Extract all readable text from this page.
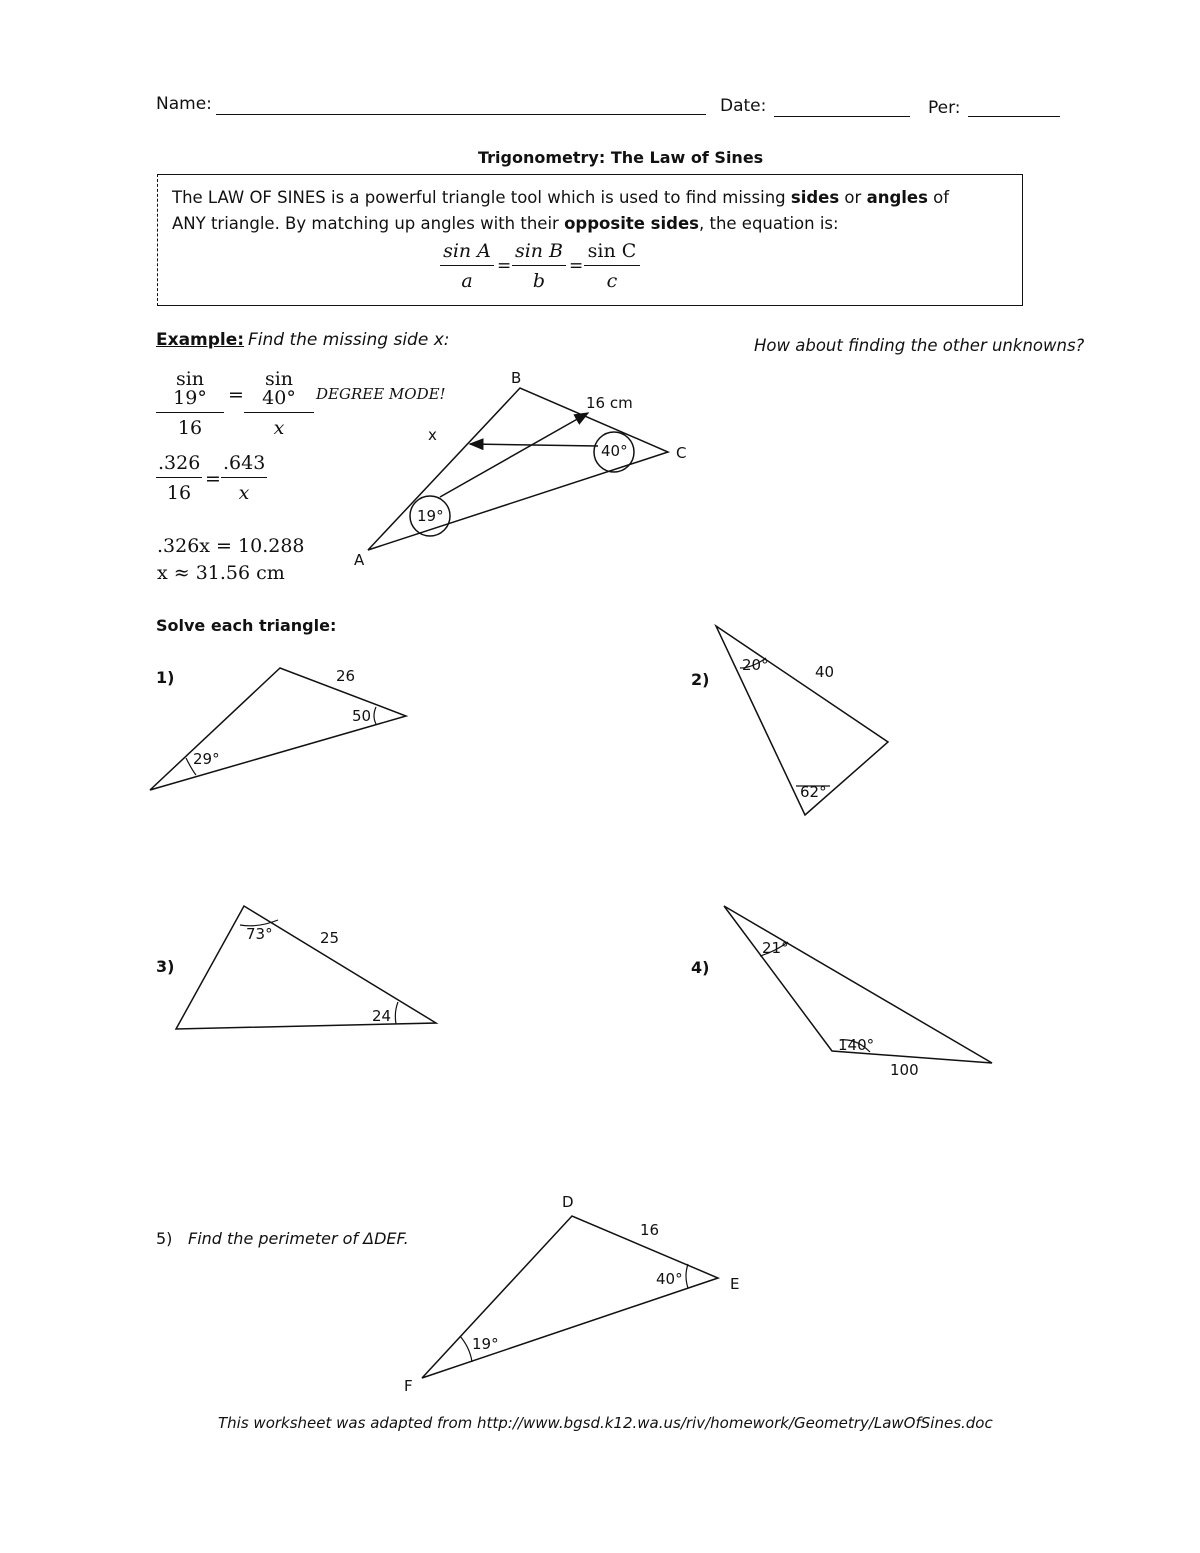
Name:	Date:	Per:
Trigonometry: The Law of Sines
The LAW OF SINES is a powerful triangle tool which is used to find missing sides or angles of
ANY triangle. By matching up angles with their opposite sides, the equation is:
$\frac{\text{sin A}}{a} = \frac{\text{sin B}}{b} = \frac{\text{sin C}}{c}$
Example: Find the missing side x:	How about finding the other unknowns?
$\frac{\sin 19^\circ}{16} = \frac{\sin 40^\circ}{x}$ DEGREE MODE!
$\frac{.326}{16} = \frac{.643}{x}$
.326x = 10.288
x ≈ 31.56 cm
Solve each triangle:
1)	2)
3)	4)
5) Find the perimeter of ΔDEF.
This worksheet was adapted from http://www.bgsd.k12.wa.us/riv/homework/Geometry/LawOfSines.doc
B
C
A
16 cm
x
40°
19°
26
50
29°
20°	40
62°
73°	25
24
21°
140°
100
D
E
F
16
40°
19°
